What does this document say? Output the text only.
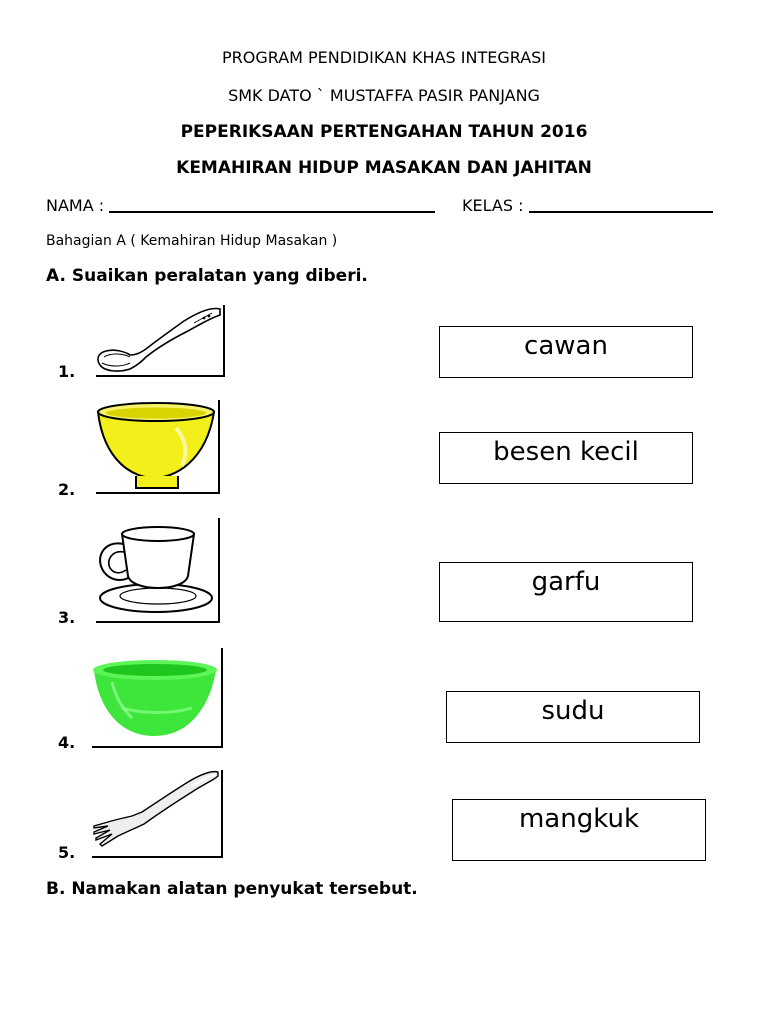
PROGRAM PENDIDIKAN KHAS INTEGRASI
SMK DATO ` MUSTAFFA PASIR PANJANG
PEPERIKSAAN PERTENGAHAN TAHUN 2016
KEMAHIRAN HIDUP MASAKAN DAN JAHITAN
NAMA :	KELAS :
Bahagian A ( Kemahiran Hidup Masakan )
A. Suaikan peralatan yang diberi.
1.
2.
3.
4.
5.
cawan
besen kecil
garfu
sudu
mangkuk
B. Namakan alatan penyukat tersebut.
